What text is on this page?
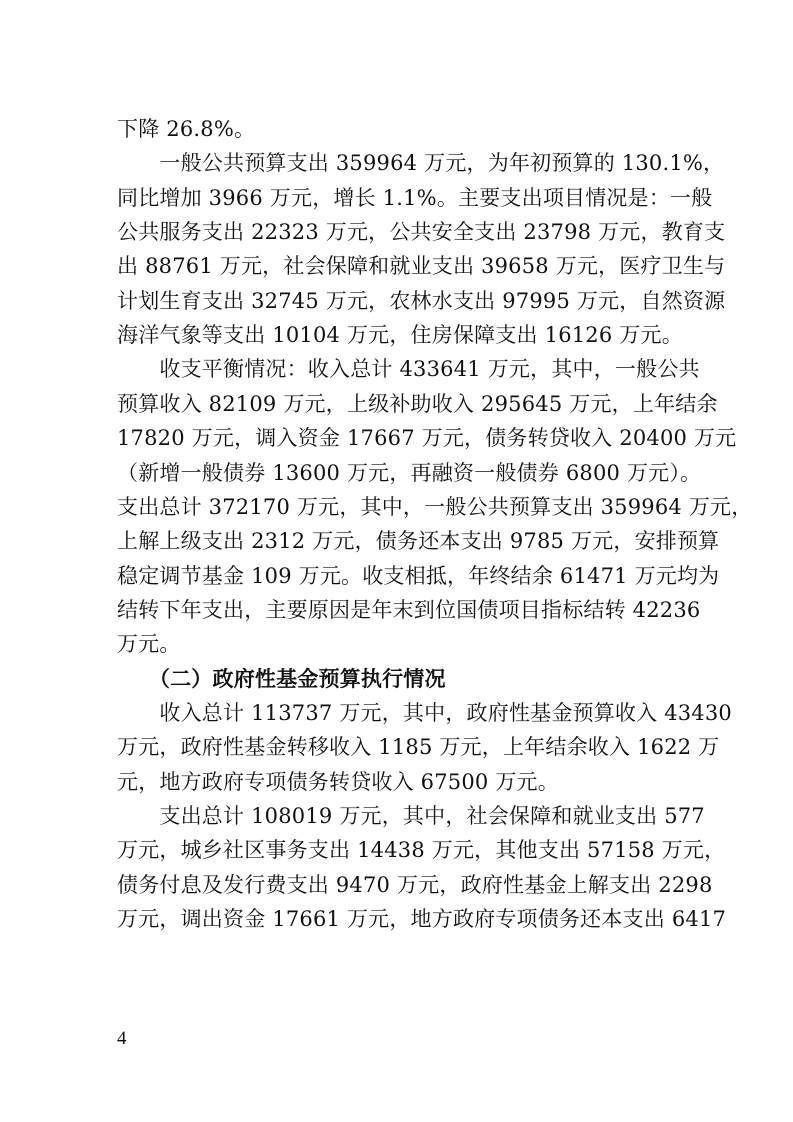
下降 26.8%。
　　一般公共预算支出 359964 万元，为年初预算的 130.1%，
同比增加 3966 万元，增长 1.1%。主要支出项目情况是：一般
公共服务支出 22323 万元，公共安全支出 23798 万元，教育支
出 88761 万元，社会保障和就业支出 39658 万元，医疗卫生与
计划生育支出 32745 万元，农林水支出 97995 万元，自然资源
海洋气象等支出 10104 万元，住房保障支出 16126 万元。
　　收支平衡情况：收入总计 433641 万元，其中，一般公共
预算收入 82109 万元，上级补助收入 295645 万元，上年结余
17820 万元，调入资金 17667 万元，债务转贷收入 20400 万元
（新增一般债券 13600 万元，再融资一般债券 6800 万元）。
支出总计 372170 万元，其中，一般公共预算支出 359964 万元，
上解上级支出 2312 万元，债务还本支出 9785 万元，安排预算
稳定调节基金 109 万元。收支相抵，年终结余 61471 万元均为
结转下年支出，主要原因是年末到位国债项目指标结转 42236
万元。
　　（二）政府性基金预算执行情况
　　收入总计 113737 万元，其中，政府性基金预算收入 43430
万元，政府性基金转移收入 1185 万元，上年结余收入 1622 万
元，地方政府专项债务转贷收入 67500 万元。
　　支出总计 108019 万元，其中，社会保障和就业支出 577
万元，城乡社区事务支出 14438 万元，其他支出 57158 万元，
债务付息及发行费支出 9470 万元，政府性基金上解支出 2298
万元，调出资金 17661 万元，地方政府专项债务还本支出 6417
4
